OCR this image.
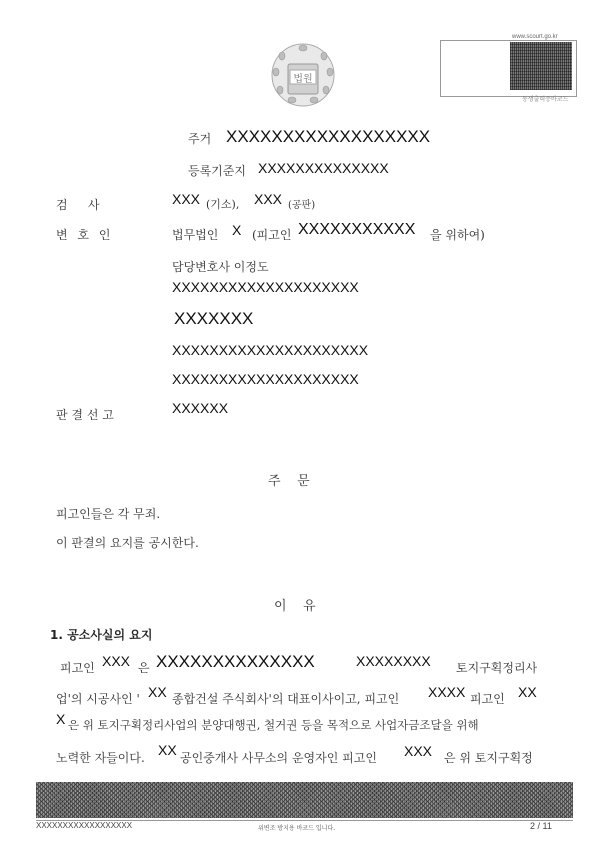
법원
www.scourt.go.kr
동생출력증바코드
주거 XXXXXXXXXXXXXXXXXX
등록기준지 XXXXXXXXXXXXXX
검    사	XXX (기소), XXX (공판)
변 호 인	법무법인 X (피고인 XXXXXXXXXXX 을 위하여)
담당변호사 이정도
XXXXXXXXXXXXXXXXXXXX
XXXXXXX
XXXXXXXXXXXXXXXXXXXXX
XXXXXXXXXXXXXXXXXXXX
판 결 선 고	XXXXXX
주    문
피고인들은 각 무죄.
이 판결의 요지를 공시한다.
이    유
1. 공소사실의 요지
피고인 XXX 은 XXXXXXXXXXXXXX	XXXXXXXX 토지구획정리사
업'의 시공사인 ' XX 종합건설 주식회사'의 대표이사이고, 피고인 XXXX 피고인 XX
X 은 위 토지구획정리사업의 분양대행권, 철거권 등을 목적으로 사업자금조달을 위해
노력한 자들이다. XX 공인중개사 사무소의 운영자인 피고인 XXX 은 위 토지구획정
XXXXXXXXXXXXXXXXXX	위변조 방지용 바코드 입니다.	2 / 11
